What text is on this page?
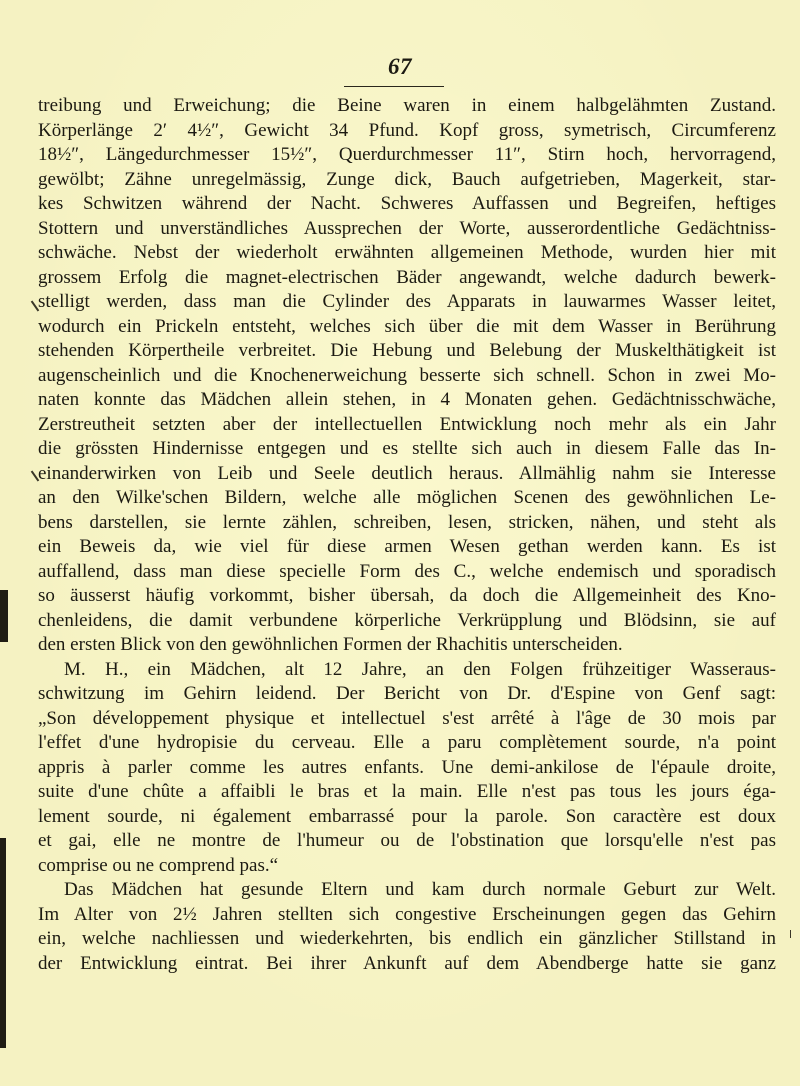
67
treibung und Erweichung; die Beine waren in einem halbgelähmten Zustand.
Körperlänge 2′ 4½″, Gewicht 34 Pfund. Kopf gross, symetrisch, Circumferenz
18½″, Längedurchmesser 15½″, Querdurchmesser 11″, Stirn hoch, hervorragend,
gewölbt; Zähne unregelmässig, Zunge dick, Bauch aufgetrieben, Magerkeit, star-
kes Schwitzen während der Nacht. Schweres Auffassen und Begreifen, heftiges
Stottern und unverständliches Aussprechen der Worte, ausserordentliche Gedächtniss-
schwäche. Nebst der wiederholt erwähnten allgemeinen Methode, wurden hier mit
grossem Erfolg die magnet-electrischen Bäder angewandt, welche dadurch bewerk-
stelligt werden, dass man die Cylinder des Apparats in lauwarmes Wasser leitet,
wodurch ein Prickeln entsteht, welches sich über die mit dem Wasser in Berührung
stehenden Körpertheile verbreitet. Die Hebung und Belebung der Muskelthätigkeit ist
augenscheinlich und die Knochenerweichung besserte sich schnell. Schon in zwei Mo-
naten konnte das Mädchen allein stehen, in 4 Monaten gehen. Gedächtnisschwäche,
Zerstreutheit setzten aber der intellectuellen Entwicklung noch mehr als ein Jahr
die grössten Hindernisse entgegen und es stellte sich auch in diesem Falle das In-
einanderwirken von Leib und Seele deutlich heraus. Allmählig nahm sie Interesse
an den Wilke'schen Bildern, welche alle möglichen Scenen des gewöhnlichen Le-
bens darstellen, sie lernte zählen, schreiben, lesen, stricken, nähen, und steht als
ein Beweis da, wie viel für diese armen Wesen gethan werden kann. Es ist
auffallend, dass man diese specielle Form des C., welche endemisch und sporadisch
so äusserst häufig vorkommt, bisher übersah, da doch die Allgemeinheit des Kno-
chenleidens, die damit verbundene körperliche Verkrüpplung und Blödsinn, sie auf
den ersten Blick von den gewöhnlichen Formen der Rhachitis unterscheiden.
M. H., ein Mädchen, alt 12 Jahre, an den Folgen frühzeitiger Wasseraus-
schwitzung im Gehirn leidend. Der Bericht von Dr. d'Espine von Genf sagt:
„Son développement physique et intellectuel s'est arrêté à l'âge de 30 mois par
l'effet d'une hydropisie du cerveau. Elle a paru complètement sourde, n'a point
appris à parler comme les autres enfants. Une demi-ankilose de l'épaule droite,
suite d'une chûte a affaibli le bras et la main. Elle n'est pas tous les jours éga-
lement sourde, ni également embarrassé pour la parole. Son caractère est doux
et gai, elle ne montre de l'humeur ou de l'obstination que lorsqu'elle n'est pas
comprise ou ne comprend pas.“
Das Mädchen hat gesunde Eltern und kam durch normale Geburt zur Welt.
Im Alter von 2½ Jahren stellten sich congestive Erscheinungen gegen das Gehirn
ein, welche nachliessen und wiederkehrten, bis endlich ein gänzlicher Stillstand in
der Entwicklung eintrat. Bei ihrer Ankunft auf dem Abendberge hatte sie ganz
